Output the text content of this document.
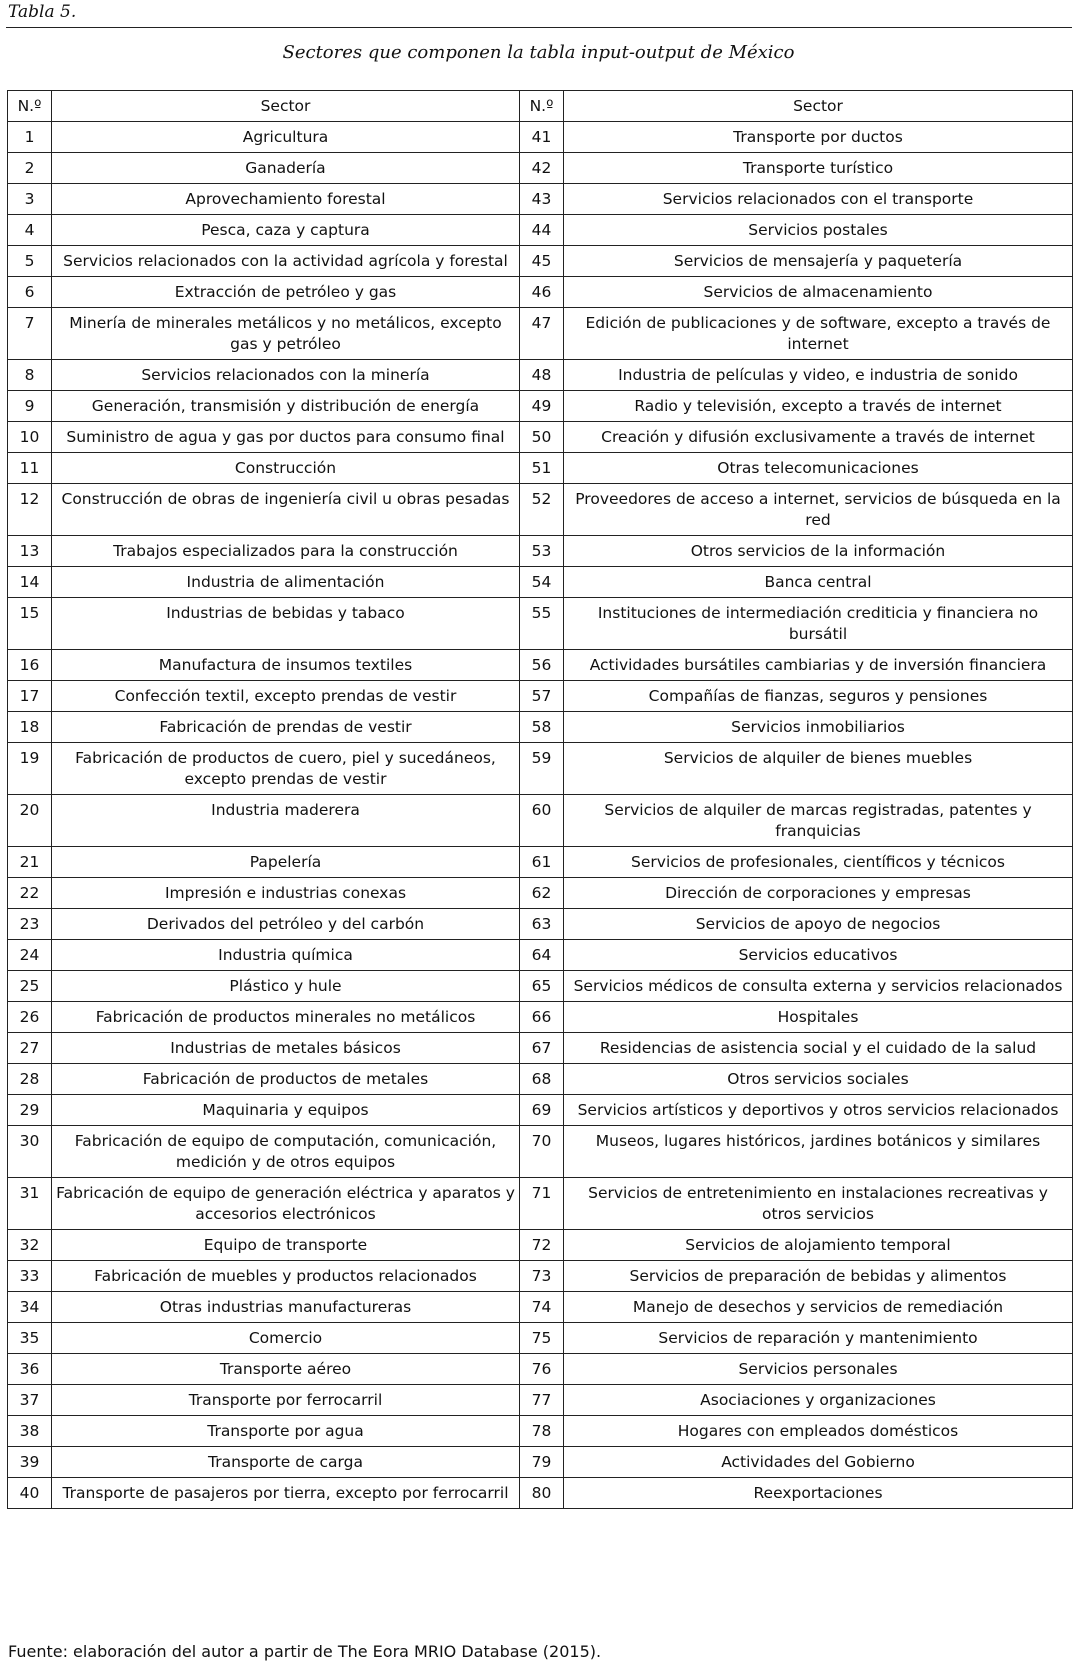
Tabla 5.
Sectores que componen la tabla input-output de México
N.º	Sector	N.º	Sector
1	Agricultura	41	Transporte por ductos
2	Ganadería	42	Transporte turístico
3	Aprovechamiento forestal	43	Servicios relacionados con el transporte
4	Pesca, caza y captura	44	Servicios postales
5	Servicios relacionados con la actividad agrícola y forestal	45	Servicios de mensajería y paquetería
6	Extracción de petróleo y gas	46	Servicios de almacenamiento
7	Minería de minerales metálicos y no metálicos, excepto gas y petróleo	47	Edición de publicaciones y de software, excepto a través de internet
8	Servicios relacionados con la minería	48	Industria de películas y video, e industria de sonido
9	Generación, transmisión y distribución de energía	49	Radio y televisión, excepto a través de internet
10	Suministro de agua y gas por ductos para consumo final	50	Creación y difusión exclusivamente a través de internet
11	Construcción	51	Otras telecomunicaciones
12	Construcción de obras de ingeniería civil u obras pesadas	52	Proveedores de acceso a internet, servicios de búsqueda en la red
13	Trabajos especializados para la construcción	53	Otros servicios de la información
14	Industria de alimentación	54	Banca central
15	Industrias de bebidas y tabaco	55	Instituciones de intermediación crediticia y financiera no bursátil
16	Manufactura de insumos textiles	56	Actividades bursátiles cambiarias y de inversión financiera
17	Confección textil, excepto prendas de vestir	57	Compañías de fianzas, seguros y pensiones
18	Fabricación de prendas de vestir	58	Servicios inmobiliarios
19	Fabricación de productos de cuero, piel y sucedáneos, excepto prendas de vestir	59	Servicios de alquiler de bienes muebles
20	Industria maderera	60	Servicios de alquiler de marcas registradas, patentes y franquicias
21	Papelería	61	Servicios de profesionales, científicos y técnicos
22	Impresión e industrias conexas	62	Dirección de corporaciones y empresas
23	Derivados del petróleo y del carbón	63	Servicios de apoyo de negocios
24	Industria química	64	Servicios educativos
25	Plástico y hule	65	Servicios médicos de consulta externa y servicios relacionados
26	Fabricación de productos minerales no metálicos	66	Hospitales
27	Industrias de metales básicos	67	Residencias de asistencia social y el cuidado de la salud
28	Fabricación de productos de metales	68	Otros servicios sociales
29	Maquinaria y equipos	69	Servicios artísticos y deportivos y otros servicios relacionados
30	Fabricación de equipo de computación, comunicación, medición y de otros equipos	70	Museos, lugares históricos, jardines botánicos y similares
31	Fabricación de equipo de generación eléctrica y aparatos y accesorios electrónicos	71	Servicios de entretenimiento en instalaciones recreativas y otros servicios
32	Equipo de transporte	72	Servicios de alojamiento temporal
33	Fabricación de muebles y productos relacionados	73	Servicios de preparación de bebidas y alimentos
34	Otras industrias manufactureras	74	Manejo de desechos y servicios de remediación
35	Comercio	75	Servicios de reparación y mantenimiento
36	Transporte aéreo	76	Servicios personales
37	Transporte por ferrocarril	77	Asociaciones y organizaciones
38	Transporte por agua	78	Hogares con empleados domésticos
39	Transporte de carga	79	Actividades del Gobierno
40	Transporte de pasajeros por tierra, excepto por ferrocarril	80	Reexportaciones
Fuente: elaboración del autor a partir de The Eora MRIO Database (2015).
